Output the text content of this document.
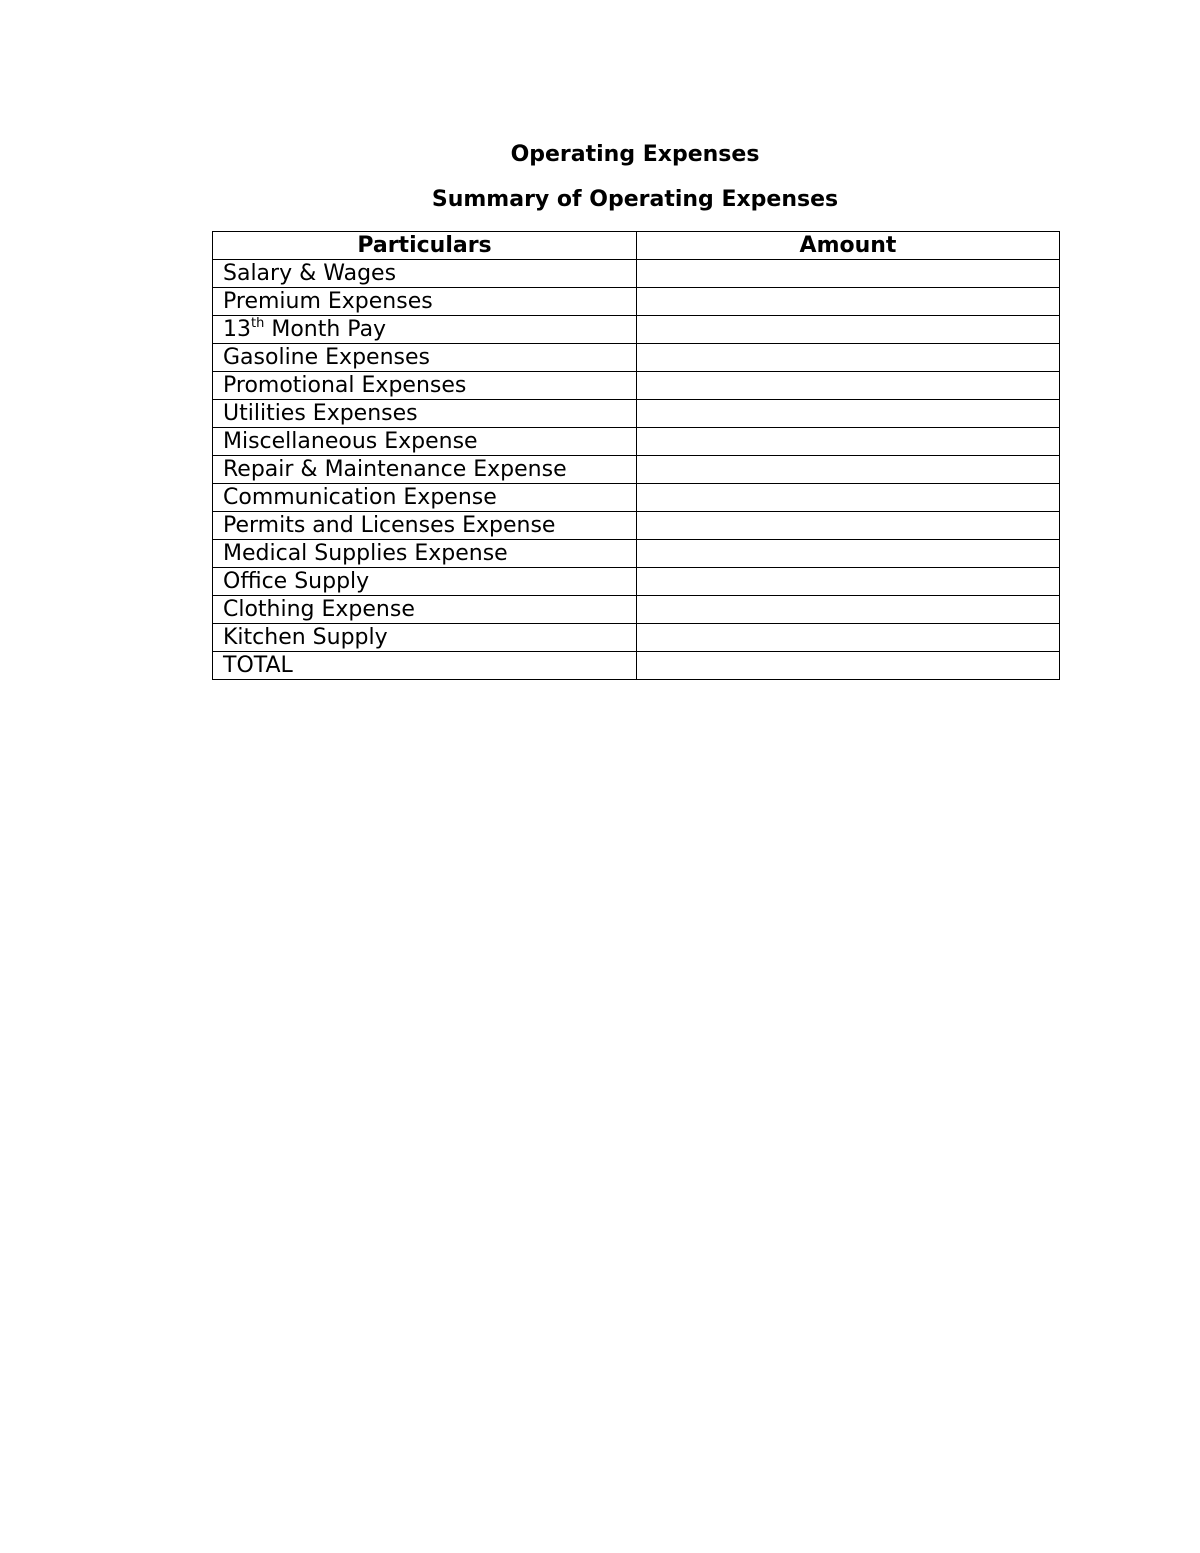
Operating Expenses
Summary of Operating Expenses
Particulars	Amount
Salary & Wages	
Premium Expenses	
13th Month Pay	
Gasoline Expenses	
Promotional Expenses	
Utilities Expenses	
Miscellaneous Expense	
Repair & Maintenance Expense	
Communication Expense	
Permits and Licenses Expense	
Medical Supplies Expense	
Office Supply	
Clothing Expense	
Kitchen Supply	
TOTAL	
